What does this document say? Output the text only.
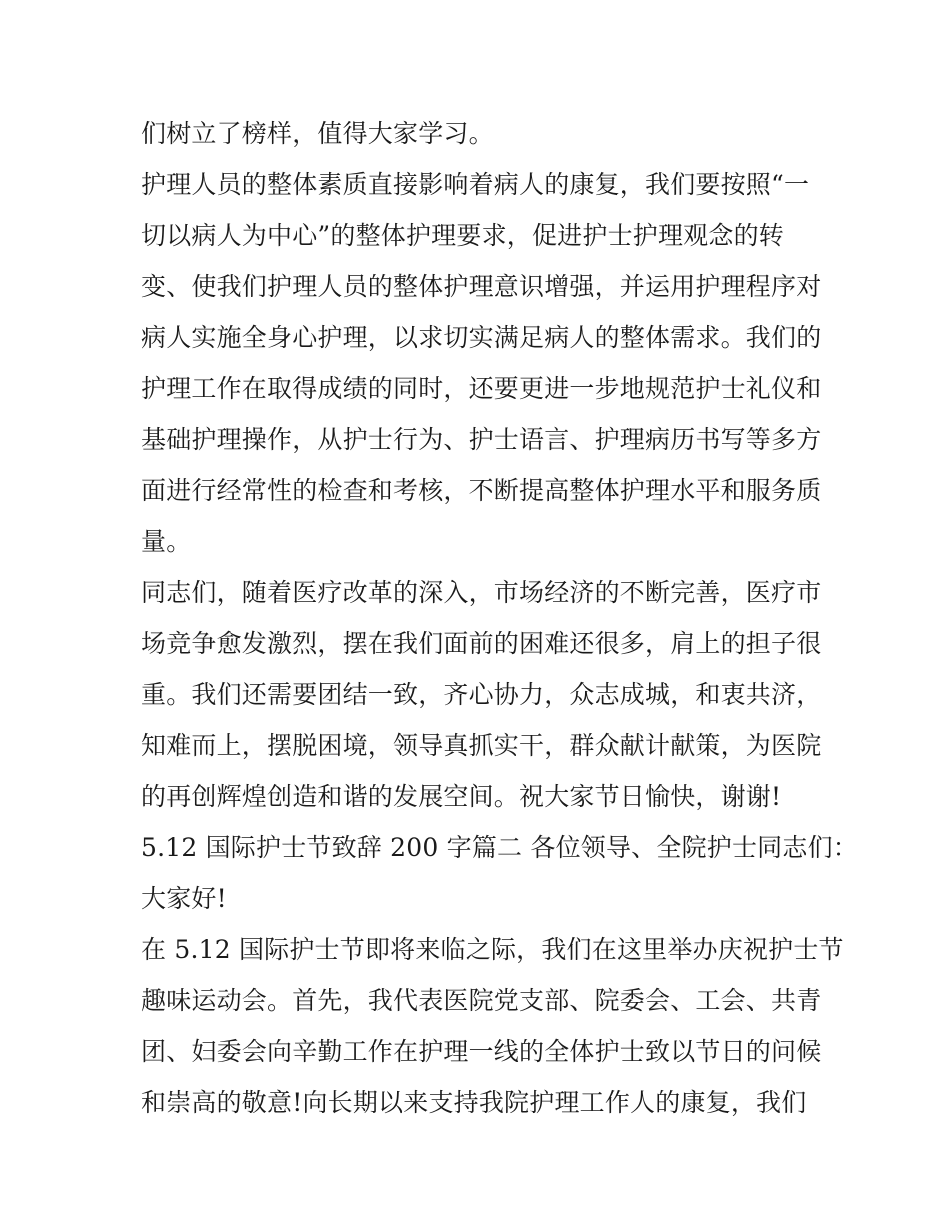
们树立了榜样，值得大家学习。
护理人员的整体素质直接影响着病人的康复，我们要按照“一
切以病人为中心”的整体护理要求，促进护士护理观念的转
变、使我们护理人员的整体护理意识增强，并运用护理程序对
病人实施全身心护理，以求切实满足病人的整体需求。我们的
护理工作在取得成绩的同时，还要更进一步地规范护士礼仪和
基础护理操作，从护士行为、护士语言、护理病历书写等多方
面进行经常性的检查和考核，不断提高整体护理水平和服务质
量。
同志们，随着医疗改革的深入，市场经济的不断完善，医疗市
场竞争愈发激烈，摆在我们面前的困难还很多，肩上的担子很
重。我们还需要团结一致，齐心协力，众志成城，和衷共济，
知难而上，摆脱困境，领导真抓实干，群众献计献策，为医院
的再创辉煌创造和谐的发展空间。祝大家节日愉快，谢谢!
5.12 国际护士节致辞 200 字篇二 各位领导、全院护士同志们：
大家好!
在 5.12 国际护士节即将来临之际，我们在这里举办庆祝护士节
趣味运动会。首先，我代表医院党支部、院委会、工会、共青
团、妇委会向辛勤工作在护理一线的全体护士致以节日的问候
和崇高的敬意!向长期以来支持我院护理工作人的康复，我们
